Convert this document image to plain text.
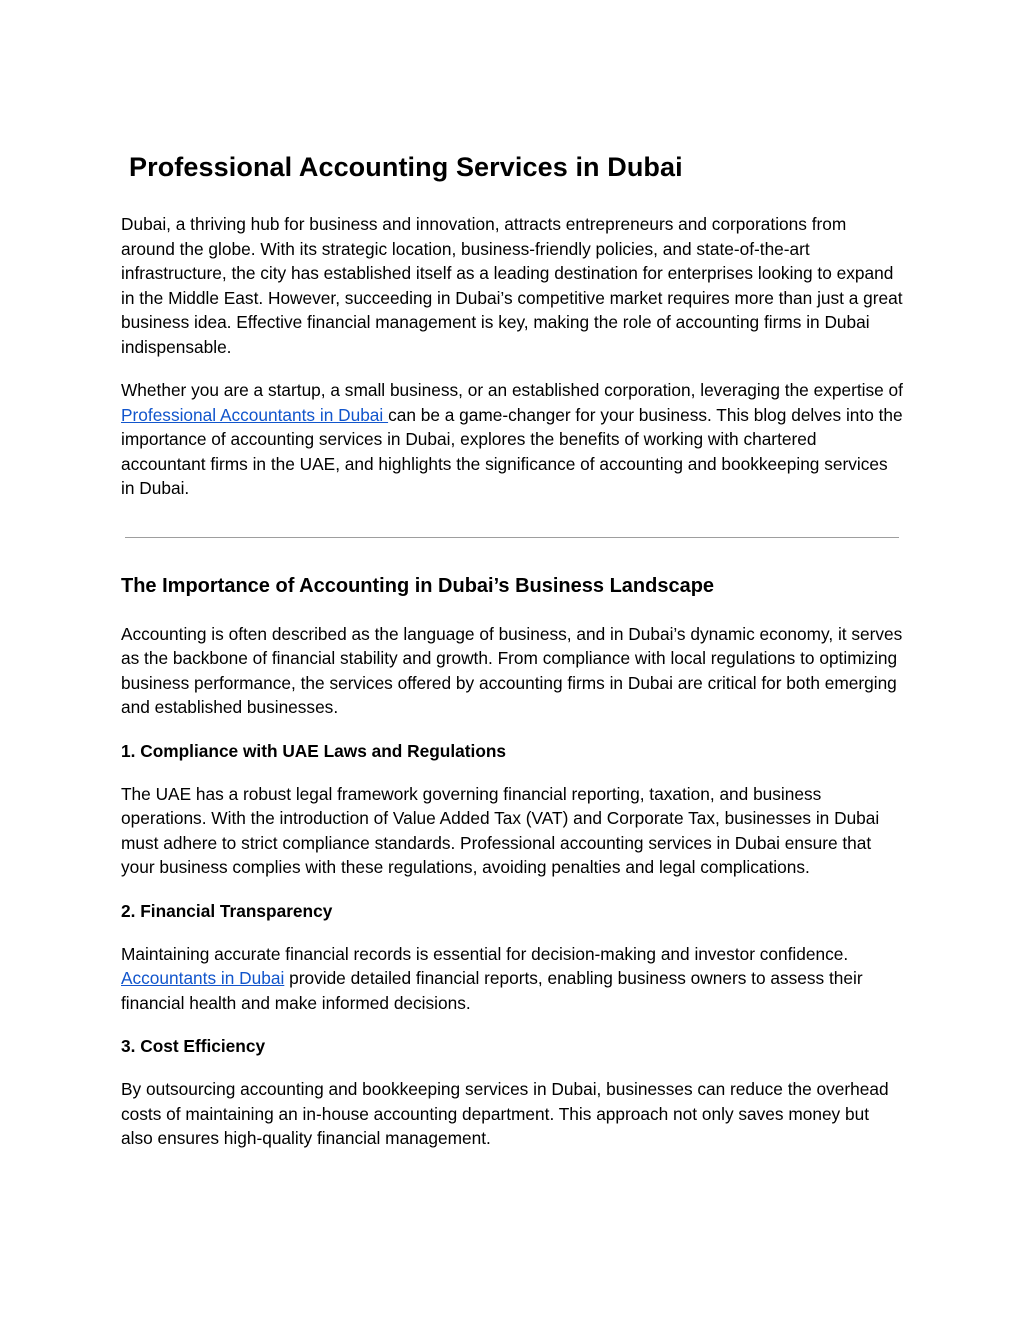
Professional Accounting Services in Dubai

Dubai, a thriving hub for business and innovation, attracts entrepreneurs and corporations from around the globe. With its strategic location, business-friendly policies, and state-of-the-art infrastructure, the city has established itself as a leading destination for enterprises looking to expand in the Middle East. However, succeeding in Dubai’s competitive market requires more than just a great business idea. Effective financial management is key, making the role of accounting firms in Dubai indispensable.

Whether you are a startup, a small business, or an established corporation, leveraging the expertise of Professional Accountants in Dubai can be a game-changer for your business. This blog delves into the importance of accounting services in Dubai, explores the benefits of working with chartered accountant firms in the UAE, and highlights the significance of accounting and bookkeeping services in Dubai.

The Importance of Accounting in Dubai’s Business Landscape

Accounting is often described as the language of business, and in Dubai’s dynamic economy, it serves as the backbone of financial stability and growth. From compliance with local regulations to optimizing business performance, the services offered by accounting firms in Dubai are critical for both emerging and established businesses.

1. Compliance with UAE Laws and Regulations

The UAE has a robust legal framework governing financial reporting, taxation, and business operations. With the introduction of Value Added Tax (VAT) and Corporate Tax, businesses in Dubai must adhere to strict compliance standards. Professional accounting services in Dubai ensure that your business complies with these regulations, avoiding penalties and legal complications.

2. Financial Transparency

Maintaining accurate financial records is essential for decision-making and investor confidence. Accountants in Dubai provide detailed financial reports, enabling business owners to assess their financial health and make informed decisions.

3. Cost Efficiency

By outsourcing accounting and bookkeeping services in Dubai, businesses can reduce the overhead costs of maintaining an in-house accounting department. This approach not only saves money but also ensures high-quality financial management.
